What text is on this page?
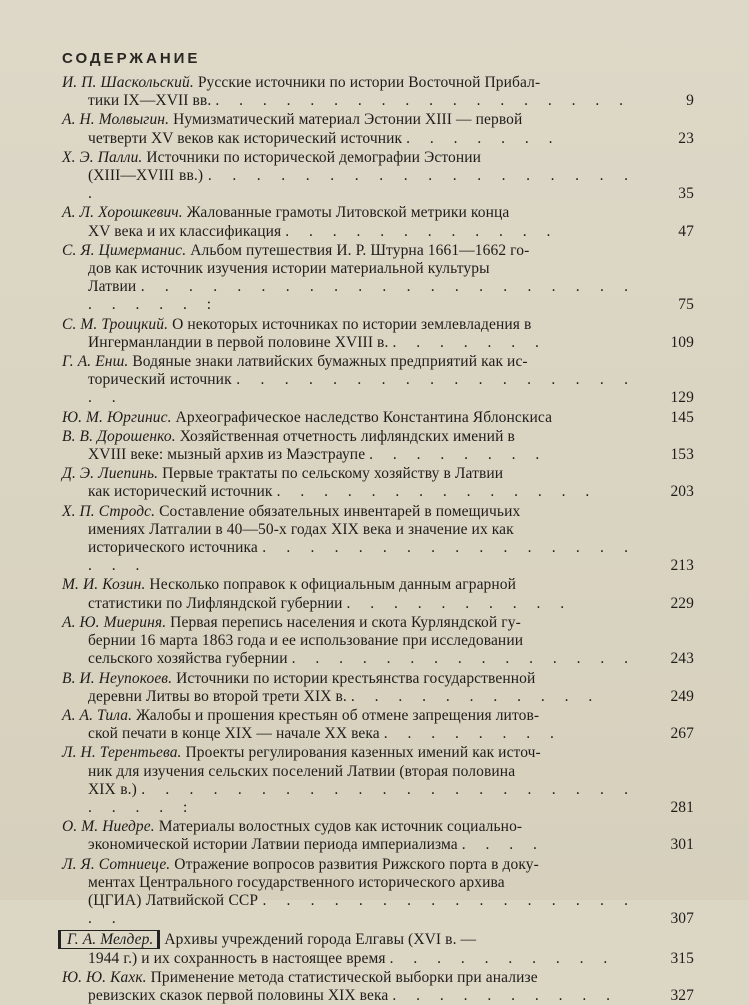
СОДЕРЖАНИЕ
И. П. Шаскольский. Русские источники по истории Восточной Прибал-
тики IX—XVII вв. . . . . . . . . . . . . . . . . . .	9
А. Н. Молвыгин. Нумизматический материал Эстонии XIII — первой
четверти XV веков как исторический источник . . . . . . .	23
Х. Э. Палли. Источники по исторической демографии Эстонии
(XIII—XVIII вв.) . . . . . . . . . . . . . . . . . . .	35
А. Л. Хорошкевич. Жалованные грамоты Литовской метрики конца
XV века и их классификация . . . . . . . . . . . .	47
С. Я. Цимерманис. Альбом путешествия И. Р. Штурна 1661—1662 го-
дов как источник изучения истории материальной культуры
Латвии . . . . . . . . . . . . . . . . . . . . . . . . . . :	75
С. М. Троицкий. О некоторых источниках по истории землевладения в
Ингерманландии в первой половине XVIII в. . . . . . . .	109
Г. А. Енш. Водяные знаки латвийских бумажных предприятий как ис-
торический источник . . . . . . . . . . . . . . . . . . .	129
Ю. М. Юргинис. Археографическое наследство Константина Яблонскиса	145
В. В. Дорошенко. Хозяйственная отчетность лифляндских имений в
XVIII веке: мызный архив из Маэстраупе . . . . . . . .	153
Д. Э. Лиепинь. Первые трактаты по сельскому хозяйству в Латвии
как исторический источник . . . . . . . . . . . . . .	203
Х. П. Стродс. Составление обязательных инвентарей в помещичьих
имениях Латгалии в 40—50-х годах XIX века и значение их как
исторического источника . . . . . . . . . . . . . . . . . . .	213
М. И. Козин. Несколько поправок к официальным данным аграрной
статистики по Лифляндской губернии . . . . . . . . . .	229
А. Ю. Миериня. Первая перепись населения и скота Курляндской гу-
бернии 16 марта 1863 года и ее использование при исследовании
сельского хозяйства губернии . . . . . . . . . . . . . . .	243
В. И. Неупокоев. Источники по истории крестьянства государственной
деревни Литвы во второй трети XIX в. . . . . . . . . . . .	249
А. А. Тила. Жалобы и прошения крестьян об отмене запрещения литов-
ской печати в конце XIX — начале XX века . . . . . . . .	267
Л. Н. Терентьева. Проекты регулирования казенных имений как источ-
ник для изучения сельских поселений Латвии (вторая половина
XIX в.) . . . . . . . . . . . . . . . . . . . . . . . . . :	281
О. М. Ниедре. Материалы волостных судов как источник социально-
экономической истории Латвии периода империализма . . . .	301
Л. Я. Сотниеце. Отражение вопросов развития Рижского порта в доку-
ментах Центрального государственного исторического архива
(ЦГИА) Латвийской ССР . . . . . . . . . . . . . . . . . .	307
Г. А. Мелдер. Архивы учреждений города Елгавы (XVI в. —
1944 г.) и их сохранность в настоящее время . . . . . . . . . .	315
Ю. Ю. Кахк. Применение метода статистической выборки при анализе
ревизских сказок первой половины XIX века . . . . . . . . . .	327
